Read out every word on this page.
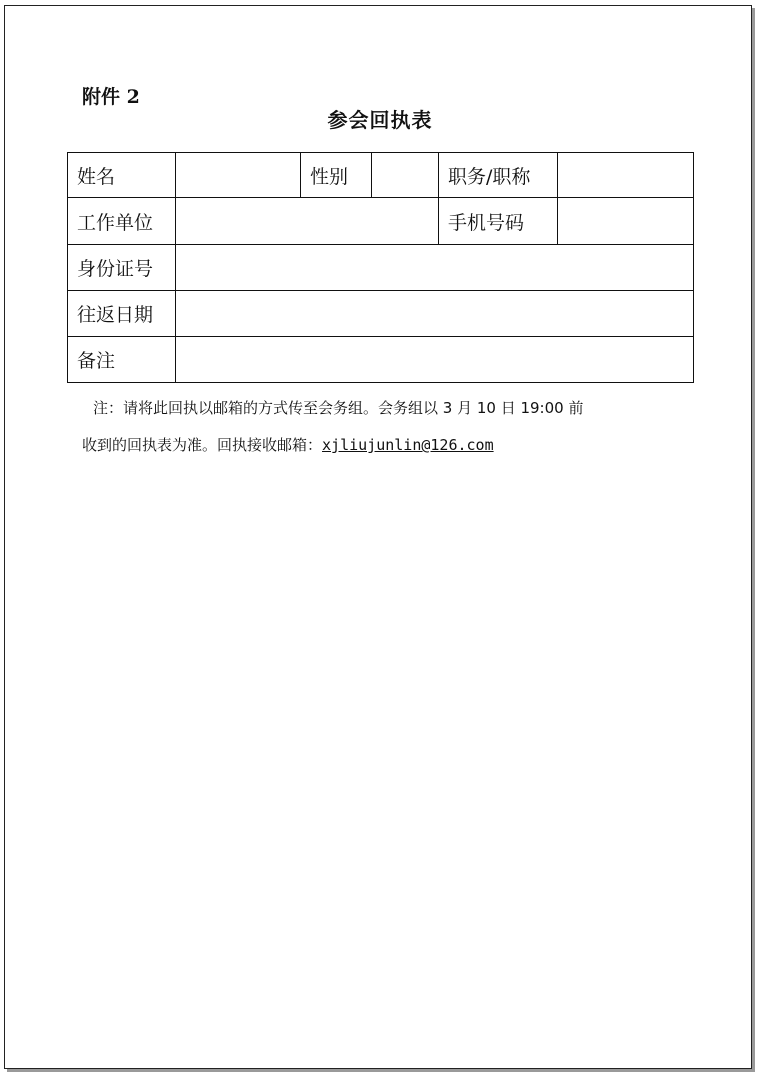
附件 2
参会回执表
姓名		性别		职务/职称	
工作单位				手机号码	
身份证号					
往返日期					
备注					
注：请将此回执以邮箱的方式传至会务组。会务组以 3 月 10 日 19:00 前
收到的回执表为准。回执接收邮箱：xjliujunlin@126.com
